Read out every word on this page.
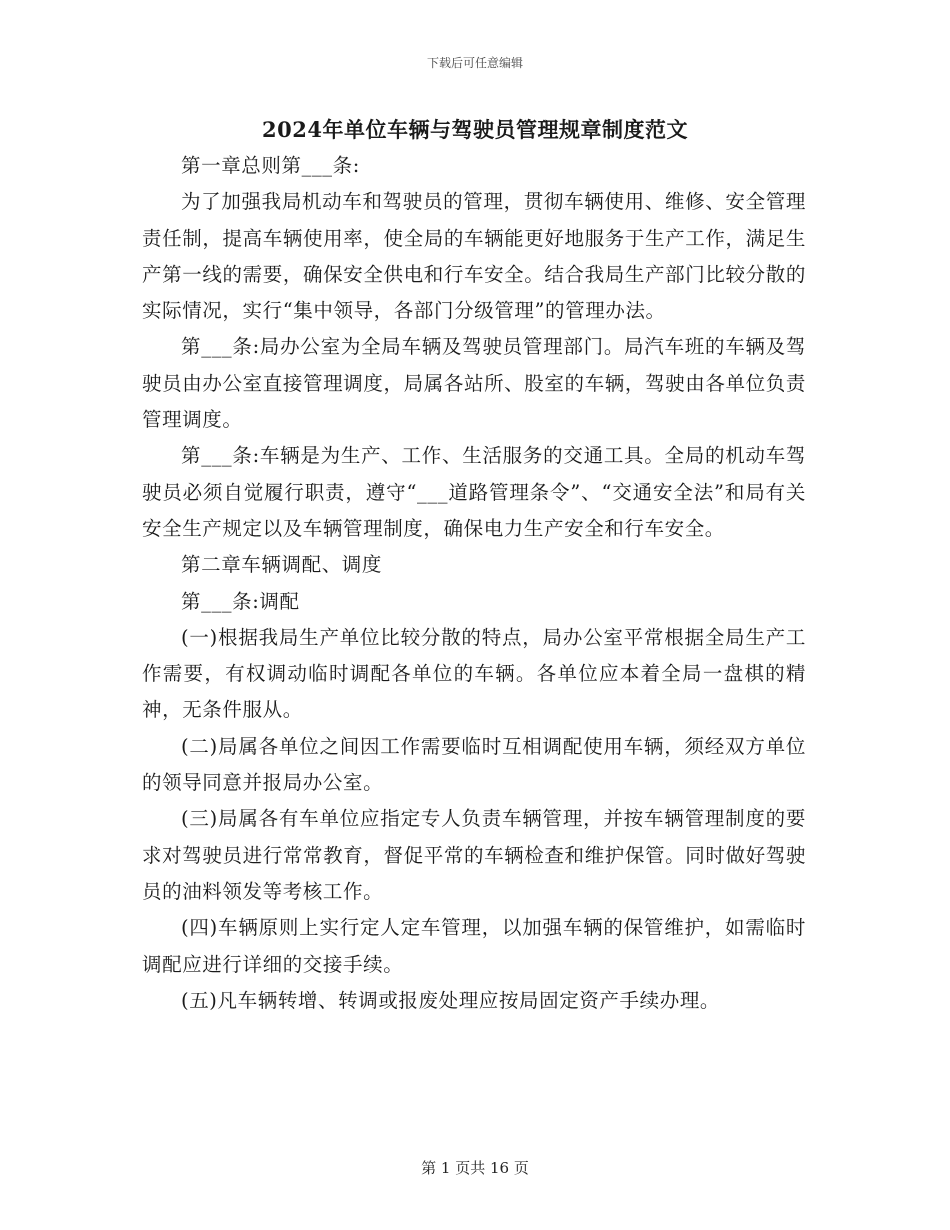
下载后可任意编辑
2024年单位车辆与驾驶员管理规章制度范文

第一章总则第___条:

为了加强我局机动车和驾驶员的管理，贯彻车辆使用、维修、安全管理责任制，提高车辆使用率，使全局的车辆能更好地服务于生产工作，满足生产第一线的需要，确保安全供电和行车安全。结合我局生产部门比较分散的实际情况，实行“集中领导，各部门分级管理”的管理办法。

第___条:局办公室为全局车辆及驾驶员管理部门。局汽车班的车辆及驾驶员由办公室直接管理调度，局属各站所、股室的车辆，驾驶由各单位负责管理调度。

第___条:车辆是为生产、工作、生活服务的交通工具。全局的机动车驾驶员必须自觉履行职责，遵守“___道路管理条令”、“交通安全法”和局有关安全生产规定以及车辆管理制度，确保电力生产安全和行车安全。

第二章车辆调配、调度

第___条:调配

(一)根据我局生产单位比较分散的特点，局办公室平常根据全局生产工作需要，有权调动临时调配各单位的车辆。各单位应本着全局一盘棋的精神，无条件服从。

(二)局属各单位之间因工作需要临时互相调配使用车辆，须经双方单位的领导同意并报局办公室。

(三)局属各有车单位应指定专人负责车辆管理，并按车辆管理制度的要求对驾驶员进行常常教育，督促平常的车辆检查和维护保管。同时做好驾驶员的油料领发等考核工作。

(四)车辆原则上实行定人定车管理，以加强车辆的保管维护，如需临时调配应进行详细的交接手续。

(五)凡车辆转增、转调或报废处理应按局固定资产手续办理。

第 1 页共 16 页
